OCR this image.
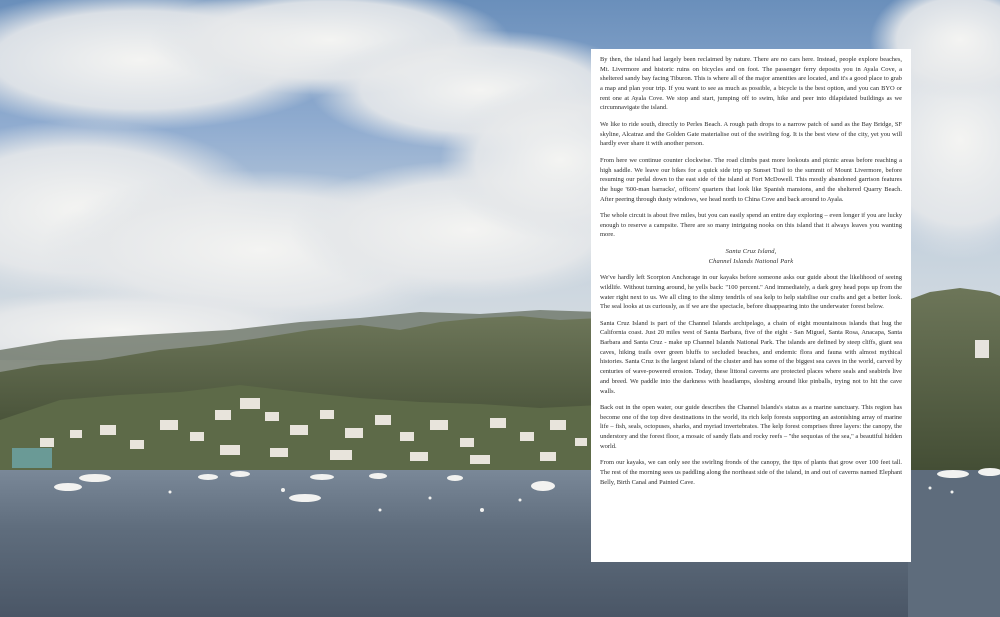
By then, the island had largely been reclaimed by nature. There are no cars here. Instead, people explore beaches, Mt. Livermore and historic ruins on bicycles and on foot. The passenger ferry deposits you in Ayala Cove, a sheltered sandy bay facing Tiburon. This is where all of the major amenities are located, and it's a good place to grab a map and plan your trip. If you want to see as much as possible, a bicycle is the best option, and you can BYO or rent one at Ayala Cove. We stop and start, jumping off to swim, hike and peer into dilapidated buildings as we circumnavigate the island.

We like to ride south, directly to Perles Beach. A rough path drops to a narrow patch of sand as the Bay Bridge, SF skyline, Alcatraz and the Golden Gate materialise out of the swirling fog. It is the best view of the city, yet you will hardly ever share it with another person.

From here we continue counter clockwise. The road climbs past more lookouts and picnic areas before reaching a high saddle. We leave our bikes for a quick side trip up Sunset Trail to the summit of Mount Livermore, before resuming our pedal down to the east side of the island at Fort McDowell. This mostly abandoned garrison features the huge '600-man barracks', officers' quarters that look like Spanish mansions, and the sheltered Quarry Beach. After peering through dusty windows, we head north to China Cove and back around to Ayala.

The whole circuit is about five miles, but you can easily spend an entire day exploring – even longer if you are lucky enough to reserve a campsite. There are so many intriguing nooks on this island that it always leaves you wanting more.

Santa Cruz Island,
Channel Islands National Park

We've hardly left Scorpion Anchorage in our kayaks before someone asks our guide about the likelihood of seeing wildlife. Without turning around, he yells back: "100 percent." And immediately, a dark grey head pops up from the water right next to us. We all cling to the slimy tendrils of sea kelp to help stabilise our crafts and get a better look. The seal looks at us curiously, as if we are the spectacle, before disappearing into the underwater forest below.

Santa Cruz Island is part of the Channel Islands archipelago, a chain of eight mountainous islands that hug the California coast. Just 20 miles west of Santa Barbara, five of the eight - San Miguel, Santa Rosa, Anacapa, Santa Barbara and Santa Cruz - make up Channel Islands National Park. The islands are defined by steep cliffs, giant sea caves, hiking trails over green bluffs to secluded beaches, and endemic flora and fauna with almost mythical histories. Santa Cruz is the largest island of the cluster and has some of the biggest sea caves in the world, carved by centuries of wave-powered erosion. Today, these littoral caverns are protected places where seals and seabirds live and breed. We paddle into the darkness with headlamps, sloshing around like pinballs, trying not to hit the cave walls.

Back out in the open water, our guide describes the Channel Islands's status as a marine sanctuary. This region has become one of the top dive destinations in the world, its rich kelp forests supporting an astonishing array of marine life – fish, seals, octopuses, sharks, and myriad invertebrates. The kelp forest comprises three layers: the canopy, the understory and the forest floor, a mosaic of sandy flats and rocky reefs – "the sequoias of the sea," a beautiful hidden world.

From our kayaks, we can only see the swirling fronds of the canopy, the tips of plants that grow over 100 feet tall. The rest of the morning sees us paddling along the northeast side of the island, in and out of caverns named Elephant Belly, Birth Canal and Painted Cave.
